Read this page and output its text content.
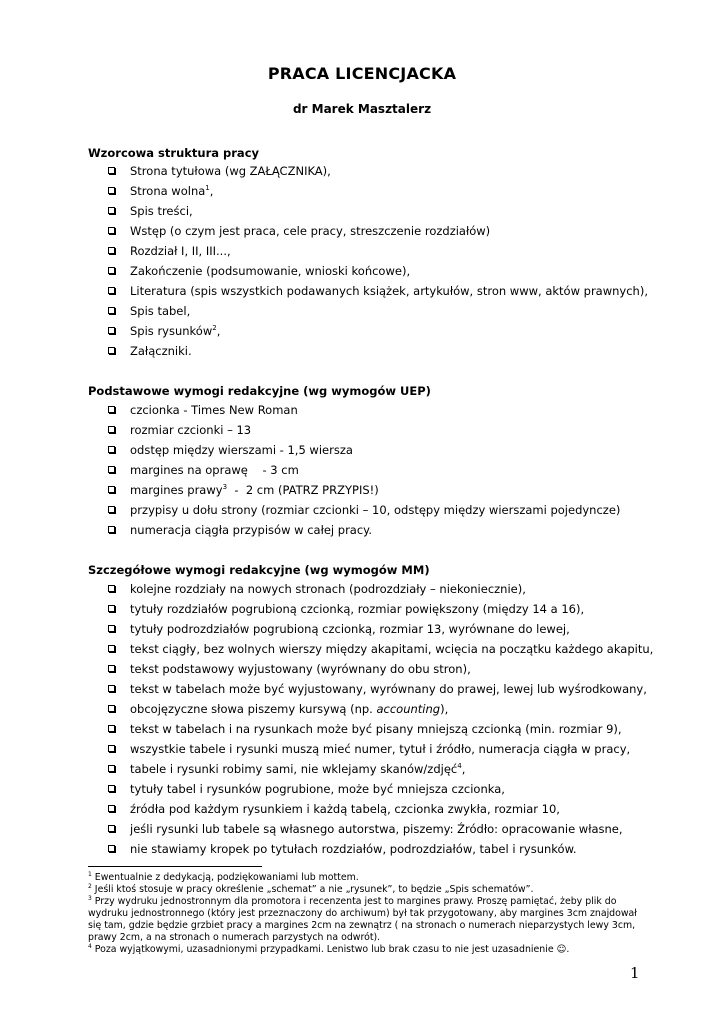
PRACA LICENCJACKA
dr Marek Masztalerz
Wzorcowa struktura pracy
Strona tytułowa (wg ZAŁĄCZNIKA),
Strona wolna$^1$,
Spis treści,
Wstęp (o czym jest praca, cele pracy, streszczenie rozdziałów)
Rozdział I, II, III...,
Zakończenie (podsumowanie, wnioski końcowe),
Literatura (spis wszystkich podawanych książek, artykułów, stron www, aktów prawnych),
Spis tabel,
Spis rysunków$^2$,
Załączniki.
Podstawowe wymogi redakcyjne (wg wymogów UEP)
czcionka - Times New Roman
rozmiar czcionki – 13
odstęp między wierszami - 1,5 wiersza
margines na oprawę    - 3 cm
margines prawy$^3$  -  2 cm (PATRZ PRZYPIS!)
przypisy u dołu strony (rozmiar czcionki – 10, odstępy między wierszami pojedyncze)
numeracja ciągła przypisów w całej pracy.
Szczegółowe wymogi redakcyjne (wg wymogów MM)
kolejne rozdziały na nowych stronach (podrozdziały – niekoniecznie),
tytuły rozdziałów pogrubioną czcionką, rozmiar powiększony (między 14 a 16),
tytuły podrozdziałów pogrubioną czcionką, rozmiar 13, wyrównane do lewej,
tekst ciągły, bez wolnych wierszy między akapitami, wcięcia na początku każdego akapitu,
tekst podstawowy wyjustowany (wyrównany do obu stron),
tekst w tabelach może być wyjustowany, wyrównany do prawej, lewej lub wyśrodkowany,
obcojęzyczne słowa piszemy kursywą (np. accounting),
tekst w tabelach i na rysunkach może być pisany mniejszą czcionką (min. rozmiar 9),
wszystkie tabele i rysunki muszą mieć numer, tytuł i źródło, numeracja ciągła w pracy,
tabele i rysunki robimy sami, nie wklejamy skanów/zdjęć$^4$,
tytuły tabel i rysunków pogrubione, może być mniejsza czcionka,
źródła pod każdym rysunkiem i każdą tabelą, czcionka zwykła, rozmiar 10,
jeśli rysunki lub tabele są własnego autorstwa, piszemy: Źródło: opracowanie własne,
nie stawiamy kropek po tytułach rozdziałów, podrozdziałów, tabel i rysunków.

$^1$ Ewentualnie z dedykacją, podziękowaniami lub mottem.

$^2$ Jeśli ktoś stosuje w pracy określenie „schemat” a nie „rysunek”, to będzie „Spis schematów”.

$^3$ Przy wydruku jednostronnym dla promotora i recenzenta jest to margines prawy. Proszę pamiętać, żeby plik do wydruku jednostronnego (który jest przeznaczony do archiwum) był tak przygotowany, aby margines 3cm znajdował się tam, gdzie będzie grzbiet pracy a margines 2cm na zewnątrz ( na stronach o numerach nieparzystych lewy 3cm, prawy 2cm, a na stronach o numerach parzystych na odwrót).

$^4$ Poza wyjątkowymi, uzasadnionymi przypadkami. Lenistwo lub brak czasu to nie jest uzasadnienie ☺.

1
